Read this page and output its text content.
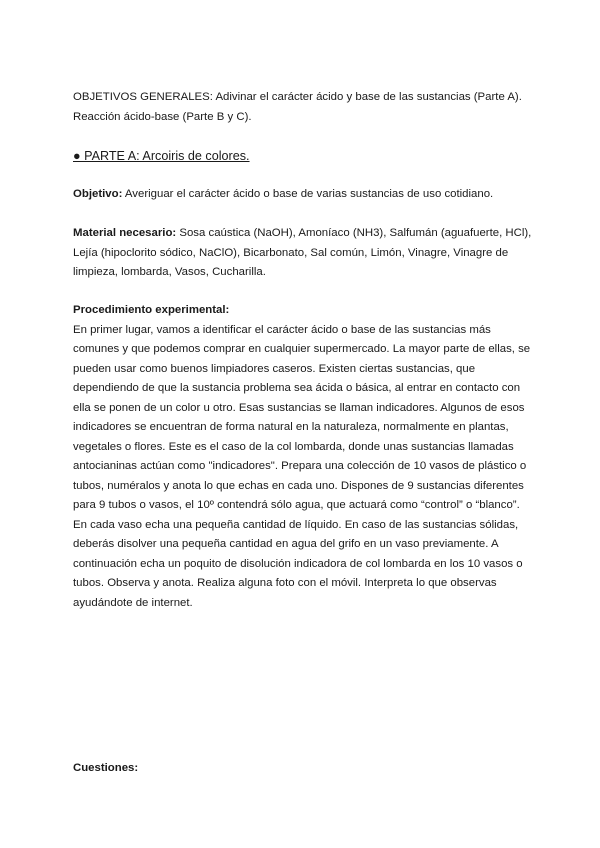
OBJETIVOS GENERALES: Adivinar el carácter ácido y base de las sustancias (Parte A). Reacción ácido-base (Parte B y C).

● PARTE A: Arcoiris de colores.

Objetivo: Averiguar el carácter ácido o base de varias sustancias de uso cotidiano.

Material necesario: Sosa caústica (NaOH), Amoníaco (NH3), Salfumán (aguafuerte, HCl), Lejía (hipoclorito sódico, NaClO), Bicarbonato, Sal común, Limón, Vinagre, Vinagre de limpieza, lombarda, Vasos, Cucharilla.

Procedimiento experimental:

En primer lugar, vamos a identificar el carácter ácido o base de las sustancias más comunes y que podemos comprar en cualquier supermercado. La mayor parte de ellas, se pueden usar como buenos limpiadores caseros. Existen ciertas sustancias, que dependiendo de que la sustancia problema sea ácida o básica, al entrar en contacto con ella se ponen de un color u otro. Esas sustancias se llaman indicadores. Algunos de esos indicadores se encuentran de forma natural en la naturaleza, normalmente en plantas, vegetales o flores. Este es el caso de la col lombarda, donde unas sustancias llamadas antocianinas actúan como "indicadores". Prepara una colección de 10 vasos de plástico o tubos, numéralos y anota lo que echas en cada uno. Dispones de 9 sustancias diferentes para 9 tubos o vasos, el 10º contendrá sólo agua, que actuará como “control” o “blanco”. En cada vaso echa una pequeña cantidad de líquido. En caso de las sustancias sólidas, deberás disolver una pequeña cantidad en agua del grifo en un vaso previamente. A continuación echa un poquito de disolución indicadora de col lombarda en los 10 vasos o tubos. Observa y anota. Realiza alguna foto con el móvil. Interpreta lo que observas ayudándote de internet.

Cuestiones:
